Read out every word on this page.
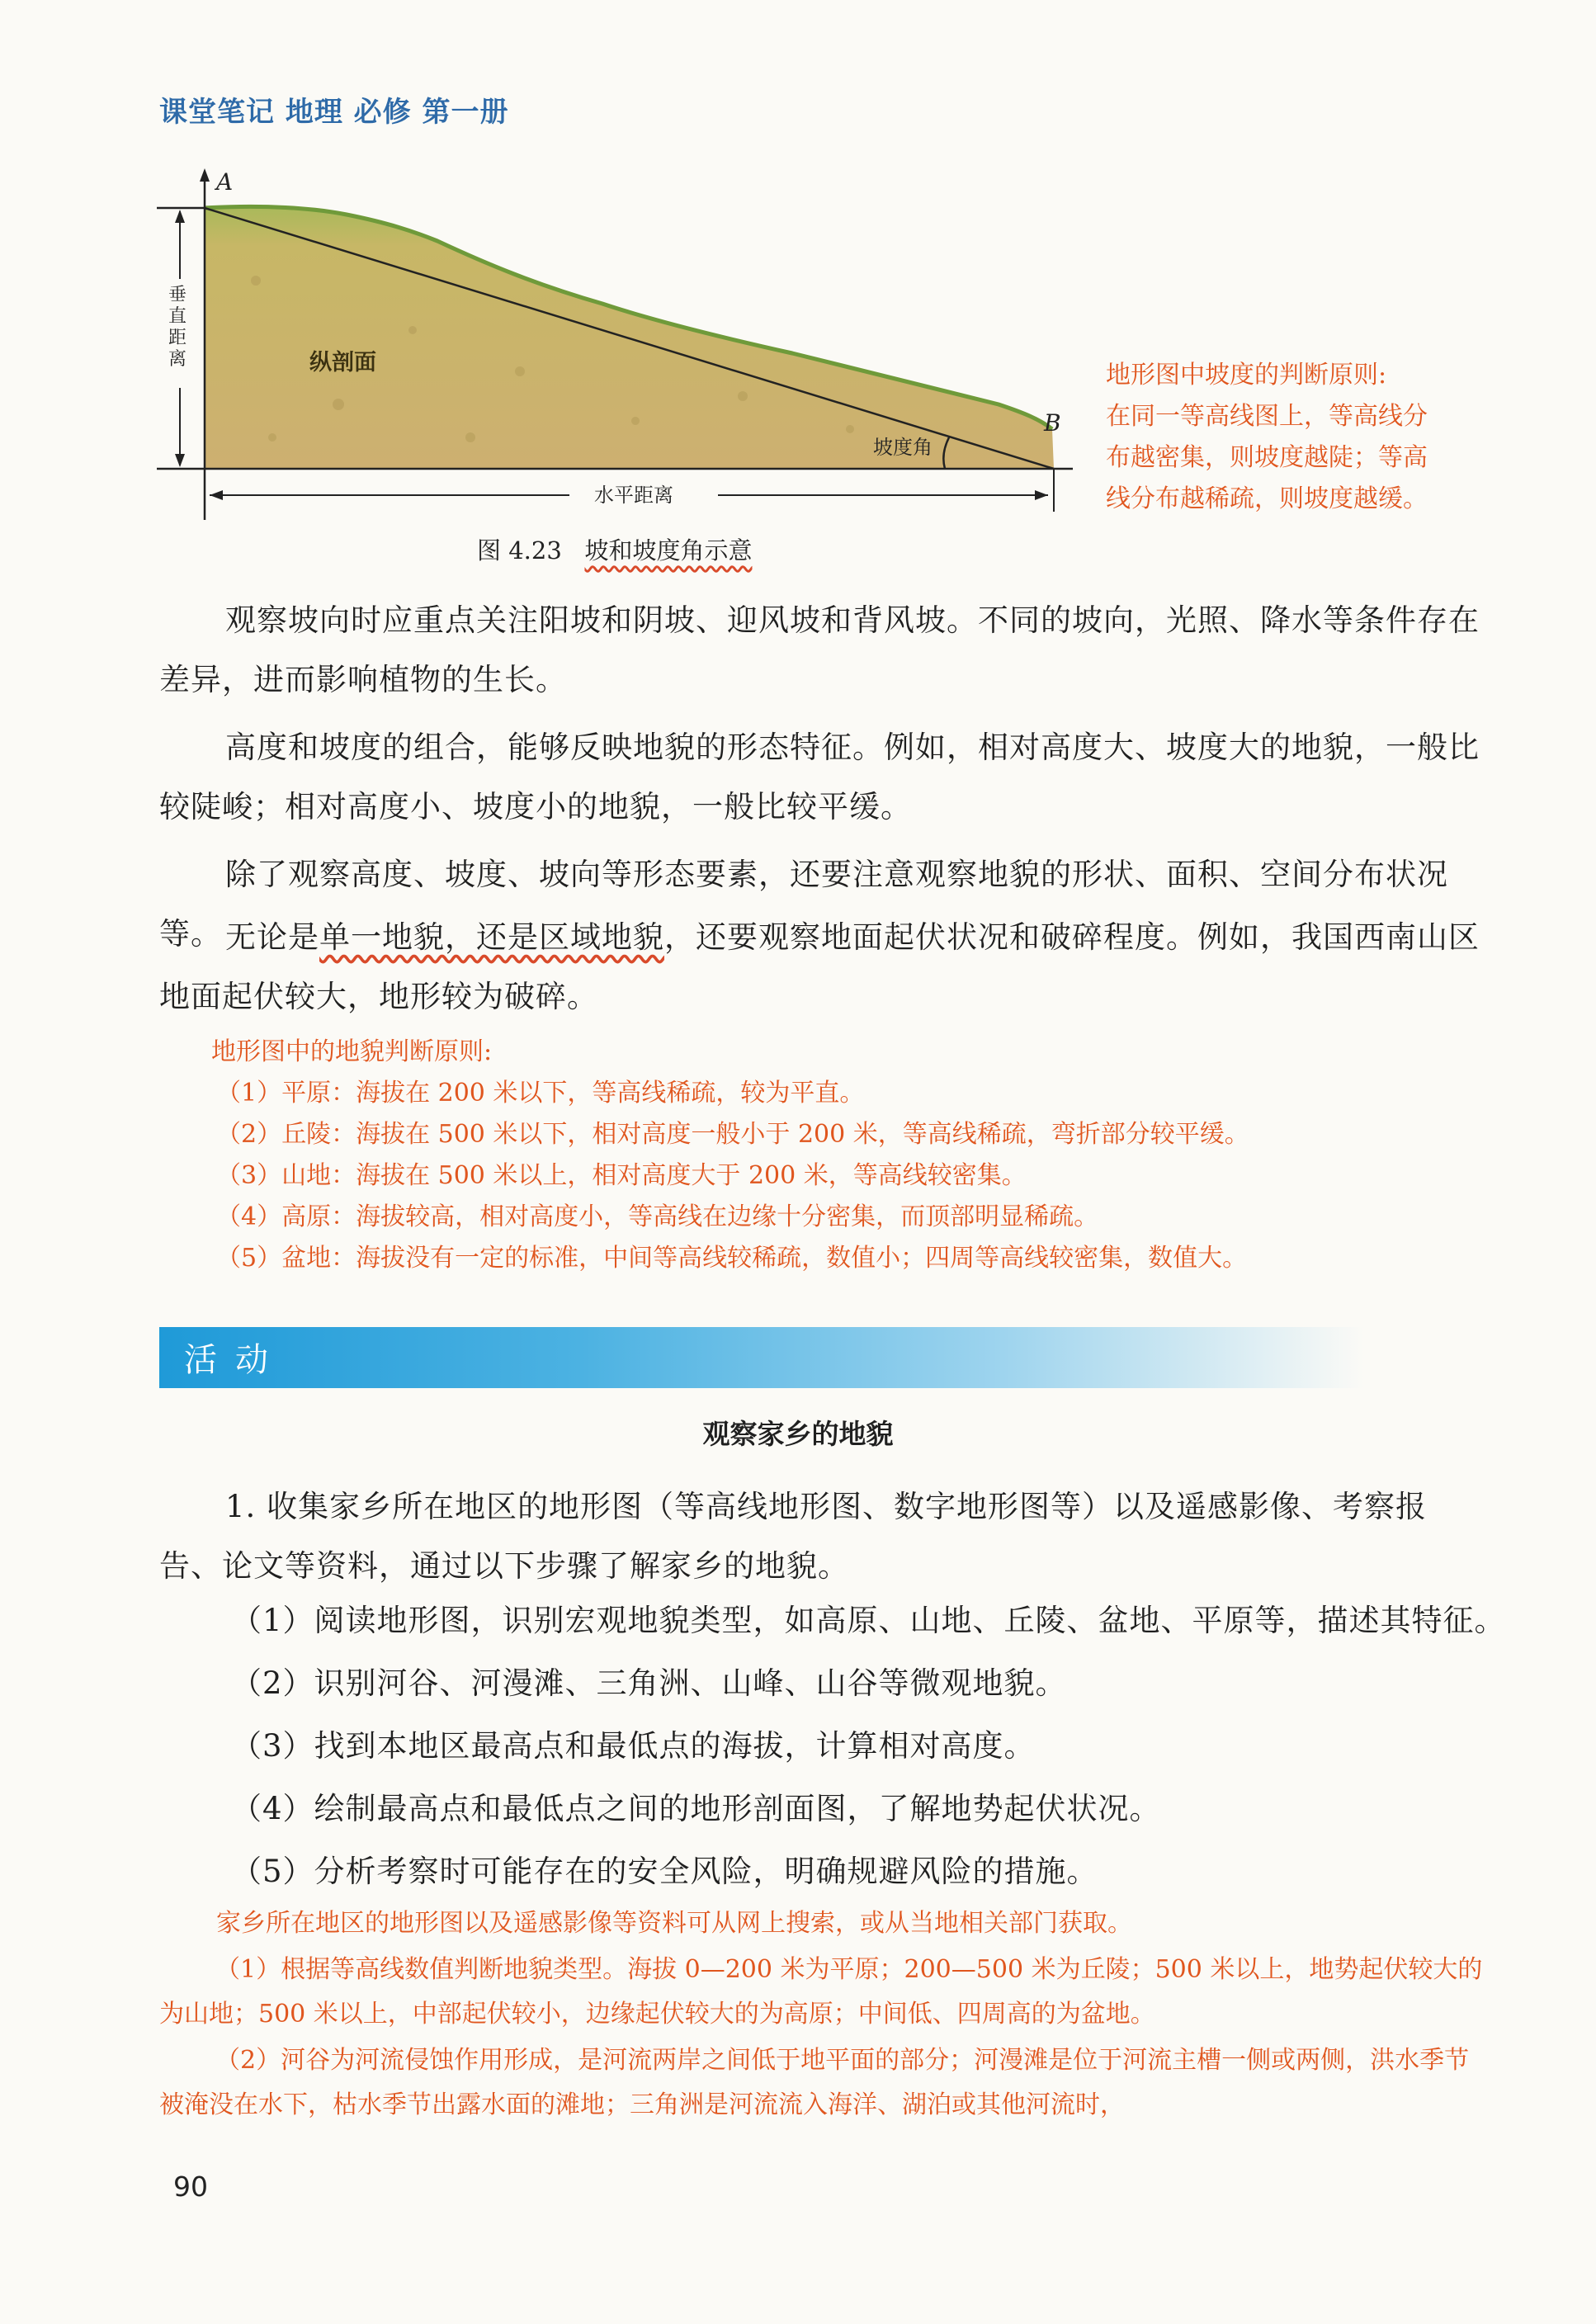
课堂笔记 地理 必修 第一册
A
B
纵剖面
坡度角
水平距离
垂直距离
图 4.23 坡和坡度角示意

地形图中坡度的判断原则:

在同一等高线图上，等高线分

布越密集，则坡度越陡；等高

线分布越稀疏，则坡度越缓。

观察坡向时应重点关注阳坡和阴坡、迎风坡和背风坡。不同的坡向，光照、降水等条件存在差异，进而影响植物的生长。

高度和坡度的组合，能够反映地貌的形态特征。例如，相对高度大、坡度大的地貌，一般比较陡峻；相对高度小、坡度小的地貌，一般比较平缓。

除了观察高度、坡度、坡向等形态要素，还要注意观察地貌的形状、面积、空间分布状况等。 无论是单一地貌，还是区域地貌，还要观察地面起伏状况和破碎程度。例如，我国西南山区地面起伏较大，地形较为破碎。

地形图中的地貌判断原则:
（1）平原：海拔在 200 米以下，等高线稀疏，较为平直。
（2）丘陵：海拔在 500 米以下，相对高度一般小于 200 米，等高线稀疏，弯折部分较平缓。
（3）山地：海拔在 500 米以上，相对高度大于 200 米，等高线较密集。
（4）高原：海拔较高，相对高度小，等高线在边缘十分密集，而顶部明显稀疏。
（5）盆地：海拔没有一定的标准，中间等高线较稀疏，数值小；四周等高线较密集，数值大。
活动
观察家乡的地貌

1. 收集家乡所在地区的地形图（等高线地形图、数字地形图等）以及遥感影像、考察报告、论文等资料，通过以下步骤了解家乡的地貌。

（1）阅读地形图，识别宏观地貌类型，如高原、山地、丘陵、盆地、平原等，描述其特征。
（2）识别河谷、河漫滩、三角洲、山峰、山谷等微观地貌。
（3）找到本地区最高点和最低点的海拔，计算相对高度。
（4）绘制最高点和最低点之间的地形剖面图，了解地势起伏状况。
（5）分析考察时可能存在的安全风险，明确规避风险的措施。
家乡所在地区的地形图以及遥感影像等资料可从网上搜索，或从当地相关部门获取。
（1）根据等高线数值判断地貌类型。海拔 0—200 米为平原；200—500 米为丘陵；500 米以上，地势起伏较大的为山地；500 米以上，中部起伏较小，边缘起伏较大的为高原；中间低、四周高的为盆地。
（2）河谷为河流侵蚀作用形成，是河流两岸之间低于地平面的部分；河漫滩是位于河流主槽一侧或两侧，洪水季节被淹没在水下，枯水季节出露水面的滩地；三角洲是河流流入海洋、湖泊或其他河流时，
90
